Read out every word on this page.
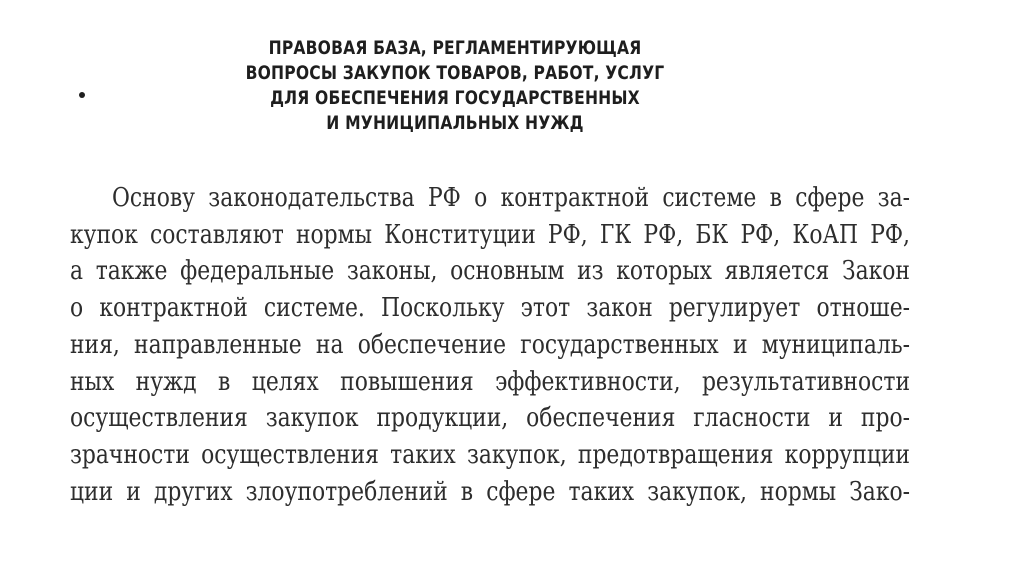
ПРАВОВАЯ БАЗА, РЕГЛАМЕНТИРУЮЩАЯ
ВОПРОСЫ ЗАКУПОК ТОВАРОВ, РАБОТ, УСЛУГ
ДЛЯ ОБЕСПЕЧЕНИЯ ГОСУДАРСТВЕННЫХ
И МУНИЦИПАЛЬНЫХ НУЖД
Основу законодательства РФ о контрактной системе в сфере за-
купок составляют нормы Конституции РФ, ГК РФ, БК РФ, КоАП РФ,
а также федеральные законы, основным из которых является Закон
о контрактной системе. Поскольку этот закон регулирует отноше-
ния, направленные на обеспечение государственных и муниципаль-
ных нужд в целях повышения эффективности, результативности
осуществления закупок продукции, обеспечения гласности и про-
зрачности осуществления таких закупок, предотвращения коррупции
ции и других злоупотреблений в сфере таких закупок, нормы Зако-
